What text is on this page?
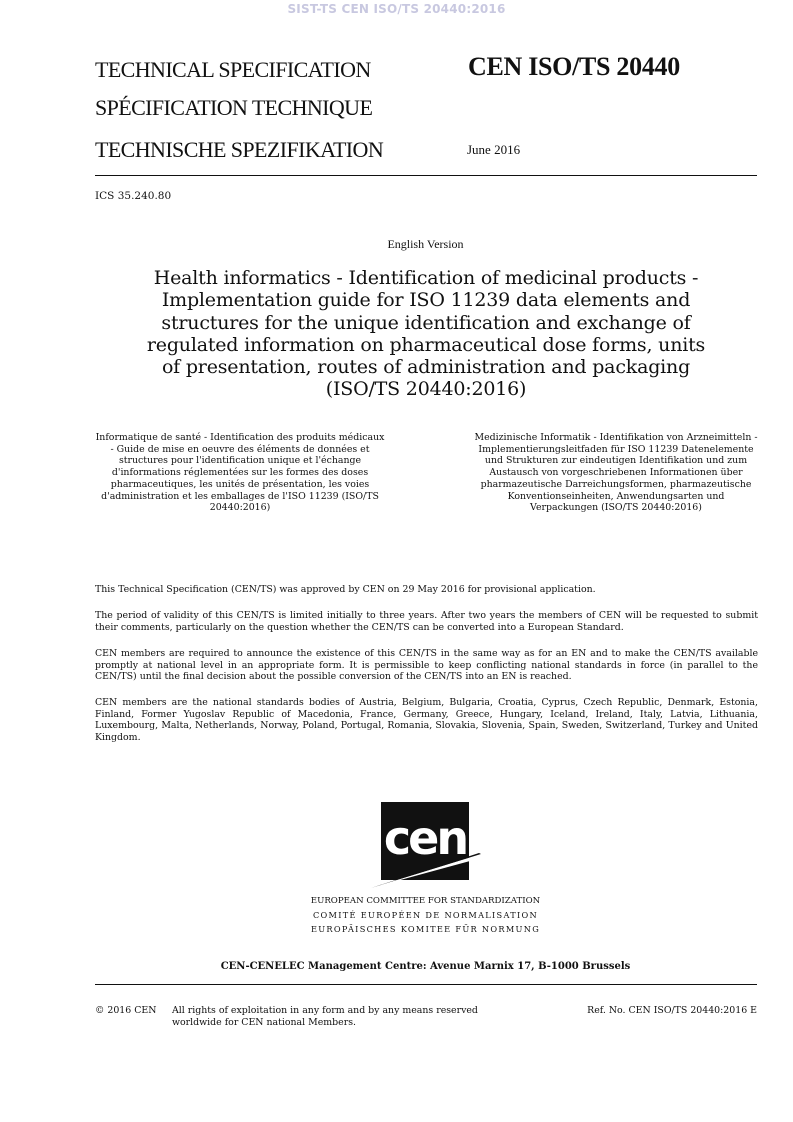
SIST-TS CEN ISO/TS 20440:2016
TECHNICAL SPECIFICATION
SPÉCIFICATION TECHNIQUE
TECHNISCHE SPEZIFIKATION
CEN ISO/TS 20440
June 2016
ICS 35.240.80
English Version
Health informatics - Identification of medicinal products - Implementation guide for ISO 11239 data elements and structures for the unique identification and exchange of regulated information on pharmaceutical dose forms, units of presentation, routes of administration and packaging (ISO/TS 20440:2016)
Informatique de santé - Identification des produits médicaux - Guide de mise en oeuvre des éléments de données et structures pour l'identification unique et l'échange d'informations réglementées sur les formes des doses pharmaceutiques, les unités de présentation, les voies d'administration et les emballages de l'ISO 11239 (ISO/TS 20440:2016)
Medizinische Informatik - Identifikation von Arzneimitteln - Implementierungsleitfaden für ISO 11239 Datenelemente und Strukturen zur eindeutigen Identifikation und zum Austausch von vorgeschriebenen Informationen über pharmazeutische Darreichungsformen, pharmazeutische Konventionseinheiten, Anwendungsarten und Verpackungen (ISO/TS 20440:2016)
This Technical Specification (CEN/TS) was approved by CEN on 29 May 2016 for provisional application.
The period of validity of this CEN/TS is limited initially to three years. After two years the members of CEN will be requested to submit their comments, particularly on the question whether the CEN/TS can be converted into a European Standard.
CEN members are required to announce the existence of this CEN/TS in the same way as for an EN and to make the CEN/TS available promptly at national level in an appropriate form. It is permissible to keep conflicting national standards in force (in parallel to the CEN/TS) until the final decision about the possible conversion of the CEN/TS into an EN is reached.
CEN members are the national standards bodies of Austria, Belgium, Bulgaria, Croatia, Cyprus, Czech Republic, Denmark, Estonia, Finland, Former Yugoslav Republic of Macedonia, France, Germany, Greece, Hungary, Iceland, Ireland, Italy, Latvia, Lithuania, Luxembourg, Malta, Netherlands, Norway, Poland, Portugal, Romania, Slovakia, Slovenia, Spain, Sweden, Switzerland, Turkey and United Kingdom.
cen
EUROPEAN COMMITTEE FOR STANDARDIZATION
COMITÉ EUROPÉEN DE NORMALISATION
EUROPÄISCHES KOMITEE FÜR NORMUNG
CEN-CENELEC Management Centre: Avenue Marnix 17, B-1000 Brussels
© 2016 CEN All rights of exploitation in any form and by any means reserved worldwide for CEN national Members.
Ref. No. CEN ISO/TS 20440:2016 E
